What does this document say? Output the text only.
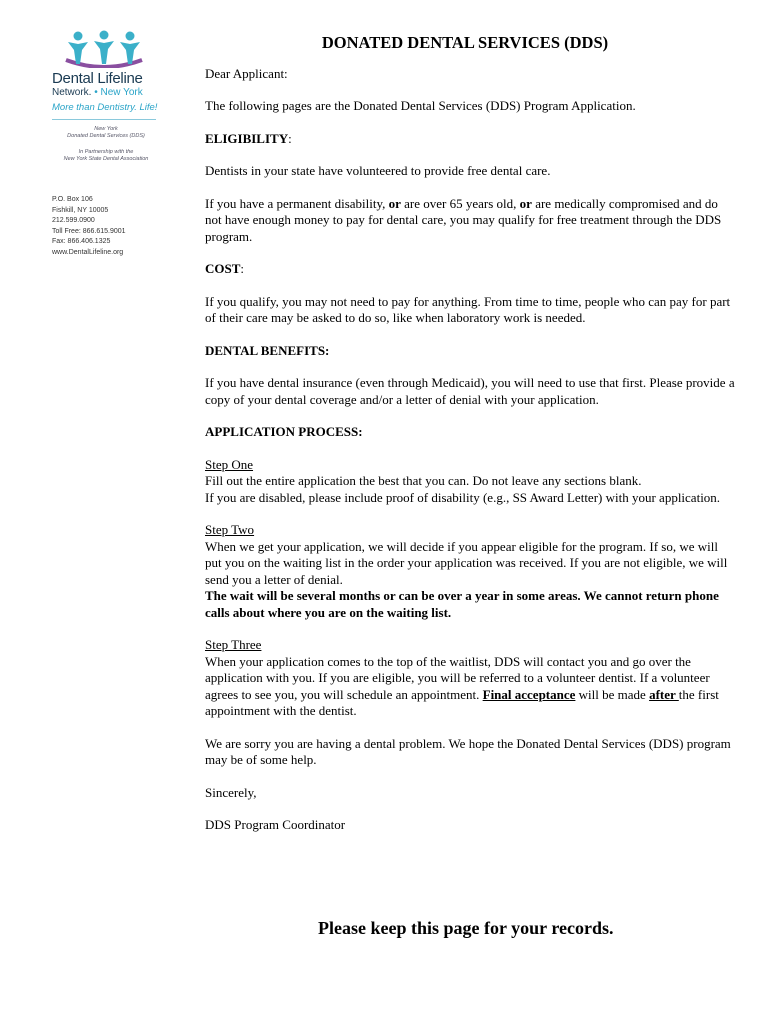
Dental Lifeline
Network. • New York
More than Dentistry. Life!
New York
Donated Dental Services (DDS)
In Partnership with the
New York State Dental Association
P.O. Box 106
Fishkill, NY 10005
212.599.0900
Toll Free: 866.615.9001
Fax: 866.406.1325
www.DentalLifeline.org
DONATED DENTAL SERVICES (DDS)

Dear Applicant:

The following pages are the Donated Dental Services (DDS) Program Application.

ELIGIBILITY:

Dentists in your state have volunteered to provide free dental care.

If you have a permanent disability, or are over 65 years old, or are medically compromised and do not have enough money to pay for dental care, you may qualify for free treatment through the DDS program.

COST:

If you qualify, you may not need to pay for anything. From time to time, people who can pay for part of their care may be asked to do so, like when laboratory work is needed.

DENTAL BENEFITS:

If you have dental insurance (even through Medicaid), you will need to use that first. Please provide a copy of your dental coverage and/or a letter of denial with your application.

APPLICATION PROCESS:

Step One
Fill out the entire application the best that you can. Do not leave any sections blank.
If you are disabled, please include proof of disability (e.g., SS Award Letter) with your application.

Step Two
When we get your application, we will decide if you appear eligible for the program. If so, we will put you on the waiting list in the order your application was received. If you are not eligible, we will send you a letter of denial.
The wait will be several months or can be over a year in some areas. We cannot return phone calls about where you are on the waiting list.

Step Three
When your application comes to the top of the waitlist, DDS will contact you and go over the application with you. If you are eligible, you will be referred to a volunteer dentist. If a volunteer agrees to see you, you will schedule an appointment. Final acceptance will be made after the first appointment with the dentist.

We are sorry you are having a dental problem. We hope the Donated Dental Services (DDS) program may be of some help.

Sincerely,

DDS Program Coordinator

Please keep this page for your records.
